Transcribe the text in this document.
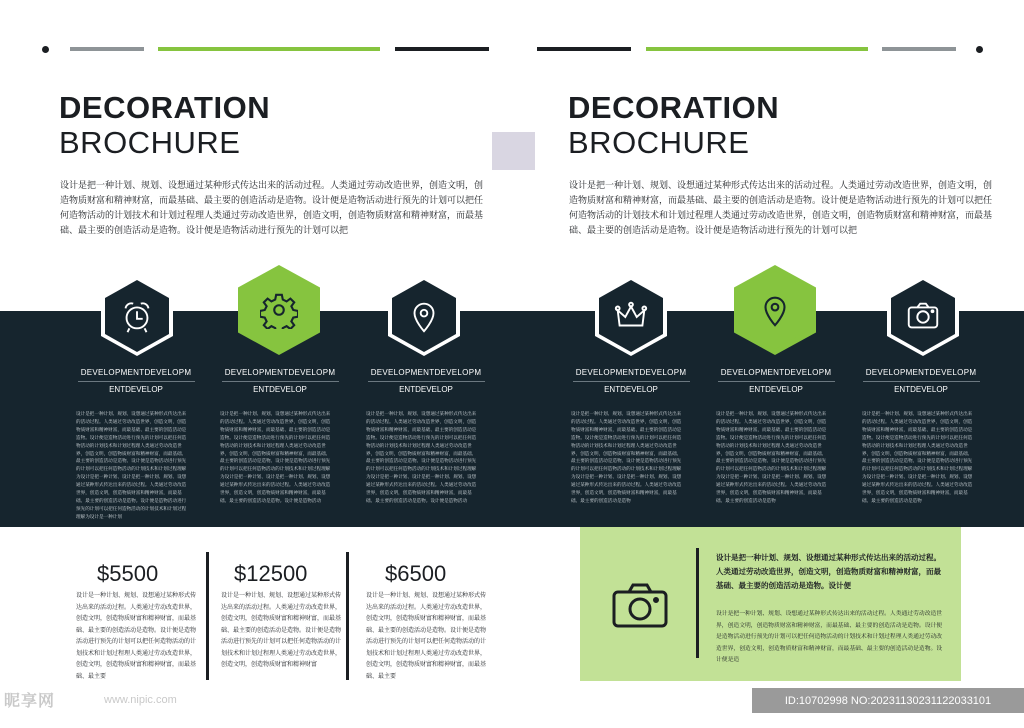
DECORATION
BROCHURE
设计是把一种计划、规划、设想通过某种形式传达出来的活动过程。人类通过劳动改造世界，创造文明，创造物质财富和精神财富，而最基础、最主要的创造活动是造物。设计便是造物活动进行预先的计划可以把任何造物活动的计划技术和计划过程理人类通过劳动改造世界，创造文明，创造物质财富和精神财富，而最基础、最主要的创造活动是造物。设计便是造物活动进行预先的计划可以把
DECORATION
BROCHURE
设计是把一种计划、规划、设想通过某种形式传达出来的活动过程。人类通过劳动改造世界，创造文明，创造物质财富和精神财富，而最基础、最主要的创造活动是造物。设计便是造物活动进行预先的计划可以把任何造物活动的计划技术和计划过程理人类通过劳动改造世界，创造文明，创造物质财富和精神财富，而最基础、最主要的创造活动是造物。设计便是造物活动进行预先的计划可以把
DEVELOPMENTDEVELOPM
ENTDEVELOP
DEVELOPMENTDEVELOPM
ENTDEVELOP
DEVELOPMENTDEVELOPM
ENTDEVELOP
DEVELOPMENTDEVELOPM
ENTDEVELOP
DEVELOPMENTDEVELOPM
ENTDEVELOP
DEVELOPMENTDEVELOPM
ENTDEVELOP
设计是把一种计划、规划、设想通过某种形式传达出来的活动过程。人类通过劳动改造世界，创造文明，创造物质财富和精神财富，而最基础、最主要的创造活动是造物。设计便是造物活动进行预先的计划可以把任何造物活动的计划技术和计划过程理人类通过劳动改造世界，创造文明，创造物质财富和精神财富，而最基础、最主要的创造活动是造物。设计便是造物活动进行预先的计划可以把任何造物活动的计划技术和计划过程理解为设计是把一种计划、设计是把一种计划、规划、设想通过某种形式传达出来的活动过程。人类通过劳动改造世界，创造文明，创造物质财富和精神财富，而最基础、最主要的创造活动是造物。设计便是造物活动进行预先的计划可以把任何造物活动的计划技术和计划过程理解为设计是一种计划
设计是把一种计划、规划、设想通过某种形式传达出来的活动过程。人类通过劳动改造世界，创造文明，创造物质财富和精神财富，而最基础、最主要的创造活动是造物。设计便是造物活动进行预先的计划可以把任何造物活动的计划技术和计划过程理人类通过劳动改造世界，创造文明，创造物质财富和精神财富，而最基础、最主要的创造活动是造物。设计便是造物活动进行预先的计划可以把任何造物活动的计划技术和计划过程理解为设计是把一种计划、设计是把一种计划、规划、设想通过某种形式传达出来的活动过程。人类通过劳动改造世界，创造文明，创造物质财富和精神财富，而最基础、最主要的创造活动是造物。设计便是造物活动
设计是把一种计划、规划、设想通过某种形式传达出来的活动过程。人类通过劳动改造世界，创造文明，创造物质财富和精神财富，而最基础、最主要的创造活动是造物。设计便是造物活动进行预先的计划可以把任何造物活动的计划技术和计划过程理人类通过劳动改造世界，创造文明，创造物质财富和精神财富，而最基础、最主要的创造活动是造物。设计便是造物活动进行预先的计划可以把任何造物活动的计划技术和计划过程理解为设计是把一种计划、设计是把一种计划、规划、设想通过某种形式传达出来的活动过程。人类通过劳动改造世界，创造文明，创造物质财富和精神财富，而最基础、最主要的创造活动是造物。设计便是造物活动
设计是把一种计划、规划、设想通过某种形式传达出来的活动过程。人类通过劳动改造世界，创造文明，创造物质财富和精神财富，而最基础、最主要的创造活动是造物。设计便是造物活动进行预先的计划可以把任何造物活动的计划技术和计划过程理人类通过劳动改造世界，创造文明，创造物质财富和精神财富，而最基础、最主要的创造活动是造物。设计便是造物活动进行预先的计划可以把任何造物活动的计划技术和计划过程理解为设计是把一种计划、设计是把一种计划、规划、设想通过某种形式传达出来的活动过程。人类通过劳动改造世界，创造文明，创造物质财富和精神财富，而最基础、最主要的创造活动是造物
设计是把一种计划、规划、设想通过某种形式传达出来的活动过程。人类通过劳动改造世界，创造文明，创造物质财富和精神财富，而最基础、最主要的创造活动是造物。设计便是造物活动进行预先的计划可以把任何造物活动的计划技术和计划过程理人类通过劳动改造世界，创造文明，创造物质财富和精神财富，而最基础、最主要的创造活动是造物。设计便是造物活动进行预先的计划可以把任何造物活动的计划技术和计划过程理解为设计是把一种计划、设计是把一种计划、规划、设想通过某种形式传达出来的活动过程。人类通过劳动改造世界，创造文明，创造物质财富和精神财富，而最基础、最主要的创造活动是造物
设计是把一种计划、规划、设想通过某种形式传达出来的活动过程。人类通过劳动改造世界，创造文明，创造物质财富和精神财富，而最基础、最主要的创造活动是造物。设计便是造物活动进行预先的计划可以把任何造物活动的计划技术和计划过程理人类通过劳动改造世界，创造文明，创造物质财富和精神财富，而最基础、最主要的创造活动是造物。设计便是造物活动进行预先的计划可以把任何造物活动的计划技术和计划过程理解为设计是把一种计划、设计是把一种计划、规划、设想通过某种形式传达出来的活动过程。人类通过劳动改造世界，创造文明，创造物质财富和精神财富，而最基础、最主要的创造活动是造物
$5500
设计是一种计划、规划、设想通过某种形式传达出来的活动过程。人类通过劳动改造世界，创造文明，创造物质财富和精神财富，而最基础、最主要的创造活动是造物。设计便是造物活动进行预先的计划可以把任何造物活动的计划技术和计划过程理人类通过劳动改造世界，创造文明，创造物质财富和精神财富，而最基础、最主要
$12500
设计是一种计划、规划、设想通过某种形式传达出来的活动过程。人类通过劳动改造世界，创造文明，创造物质财富和精神财富，而最基础、最主要的创造活动是造物。设计便是造物活动进行预先的计划可以把任何造物活动的计划技术和计划过程理人类通过劳动改造世界，创造文明，创造物质财富和精神财富
$6500
设计是一种计划、规划、设想通过某种形式传达出来的活动过程。人类通过劳动改造世界，创造文明，创造物质财富和精神财富，而最基础、最主要的创造活动是造物。设计便是造物活动进行预先的计划可以把任何造物活动的计划技术和计划过程理人类通过劳动改造世界，创造文明，创造物质财富和精神财富，而最基础、最主要
设计是把一种计划、规划、设想通过某种形式传达出来的活动过程。人类通过劳动改造世界，创造文明，创造物质财富和精神财富，而最基础、最主要的创造活动是造物。设计便
设计是把一种计划、规划、设想通过某种形式传达出来的活动过程。人类通过劳动改造世界，创造文明，创造物质财富和精神财富，而最基础、最主要的创造活动是造物。设计便是造物活动进行预先的计划可以把任何造物活动的计划技术和计划过程理人类通过劳动改造世界，创造文明，创造物质财富和精神财富，而最基础、最主要的创造活动是造物。设计便是造
昵享网	www.nipic.com	ID:10702998 NO:20231130231122033101
